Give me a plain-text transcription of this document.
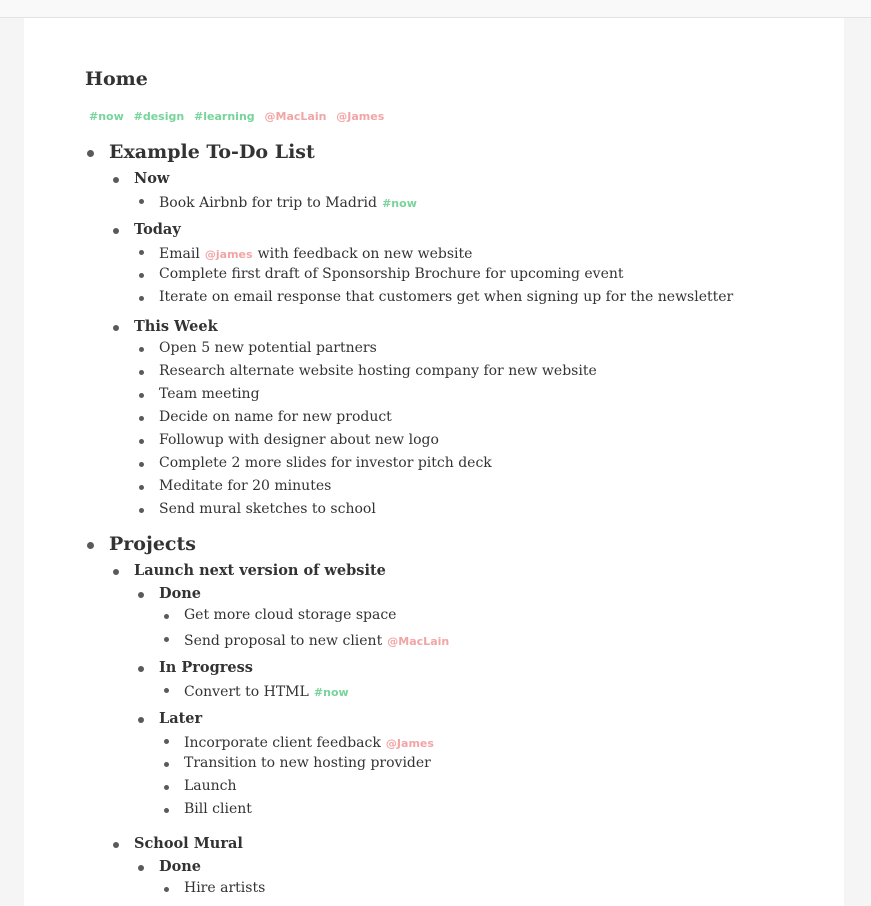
Home
#now #design #learning @MacLain @James
Example To-Do List
Now
Book Airbnb for trip to Madrid #now
Today
Email @james with feedback on new website
Complete first draft of Sponsorship Brochure for upcoming event
Iterate on email response that customers get when signing up for the newsletter
This Week
Open 5 new potential partners
Research alternate website hosting company for new website
Team meeting
Decide on name for new product
Followup with designer about new logo
Complete 2 more slides for investor pitch deck
Meditate for 20 minutes
Send mural sketches to school
Projects
Launch next version of website
Done
Get more cloud storage space
Send proposal to new client @MacLain
In Progress
Convert to HTML #now
Later
Incorporate client feedback @James
Transition to new hosting provider
Launch
Bill client
School Mural
Done
Hire artists
